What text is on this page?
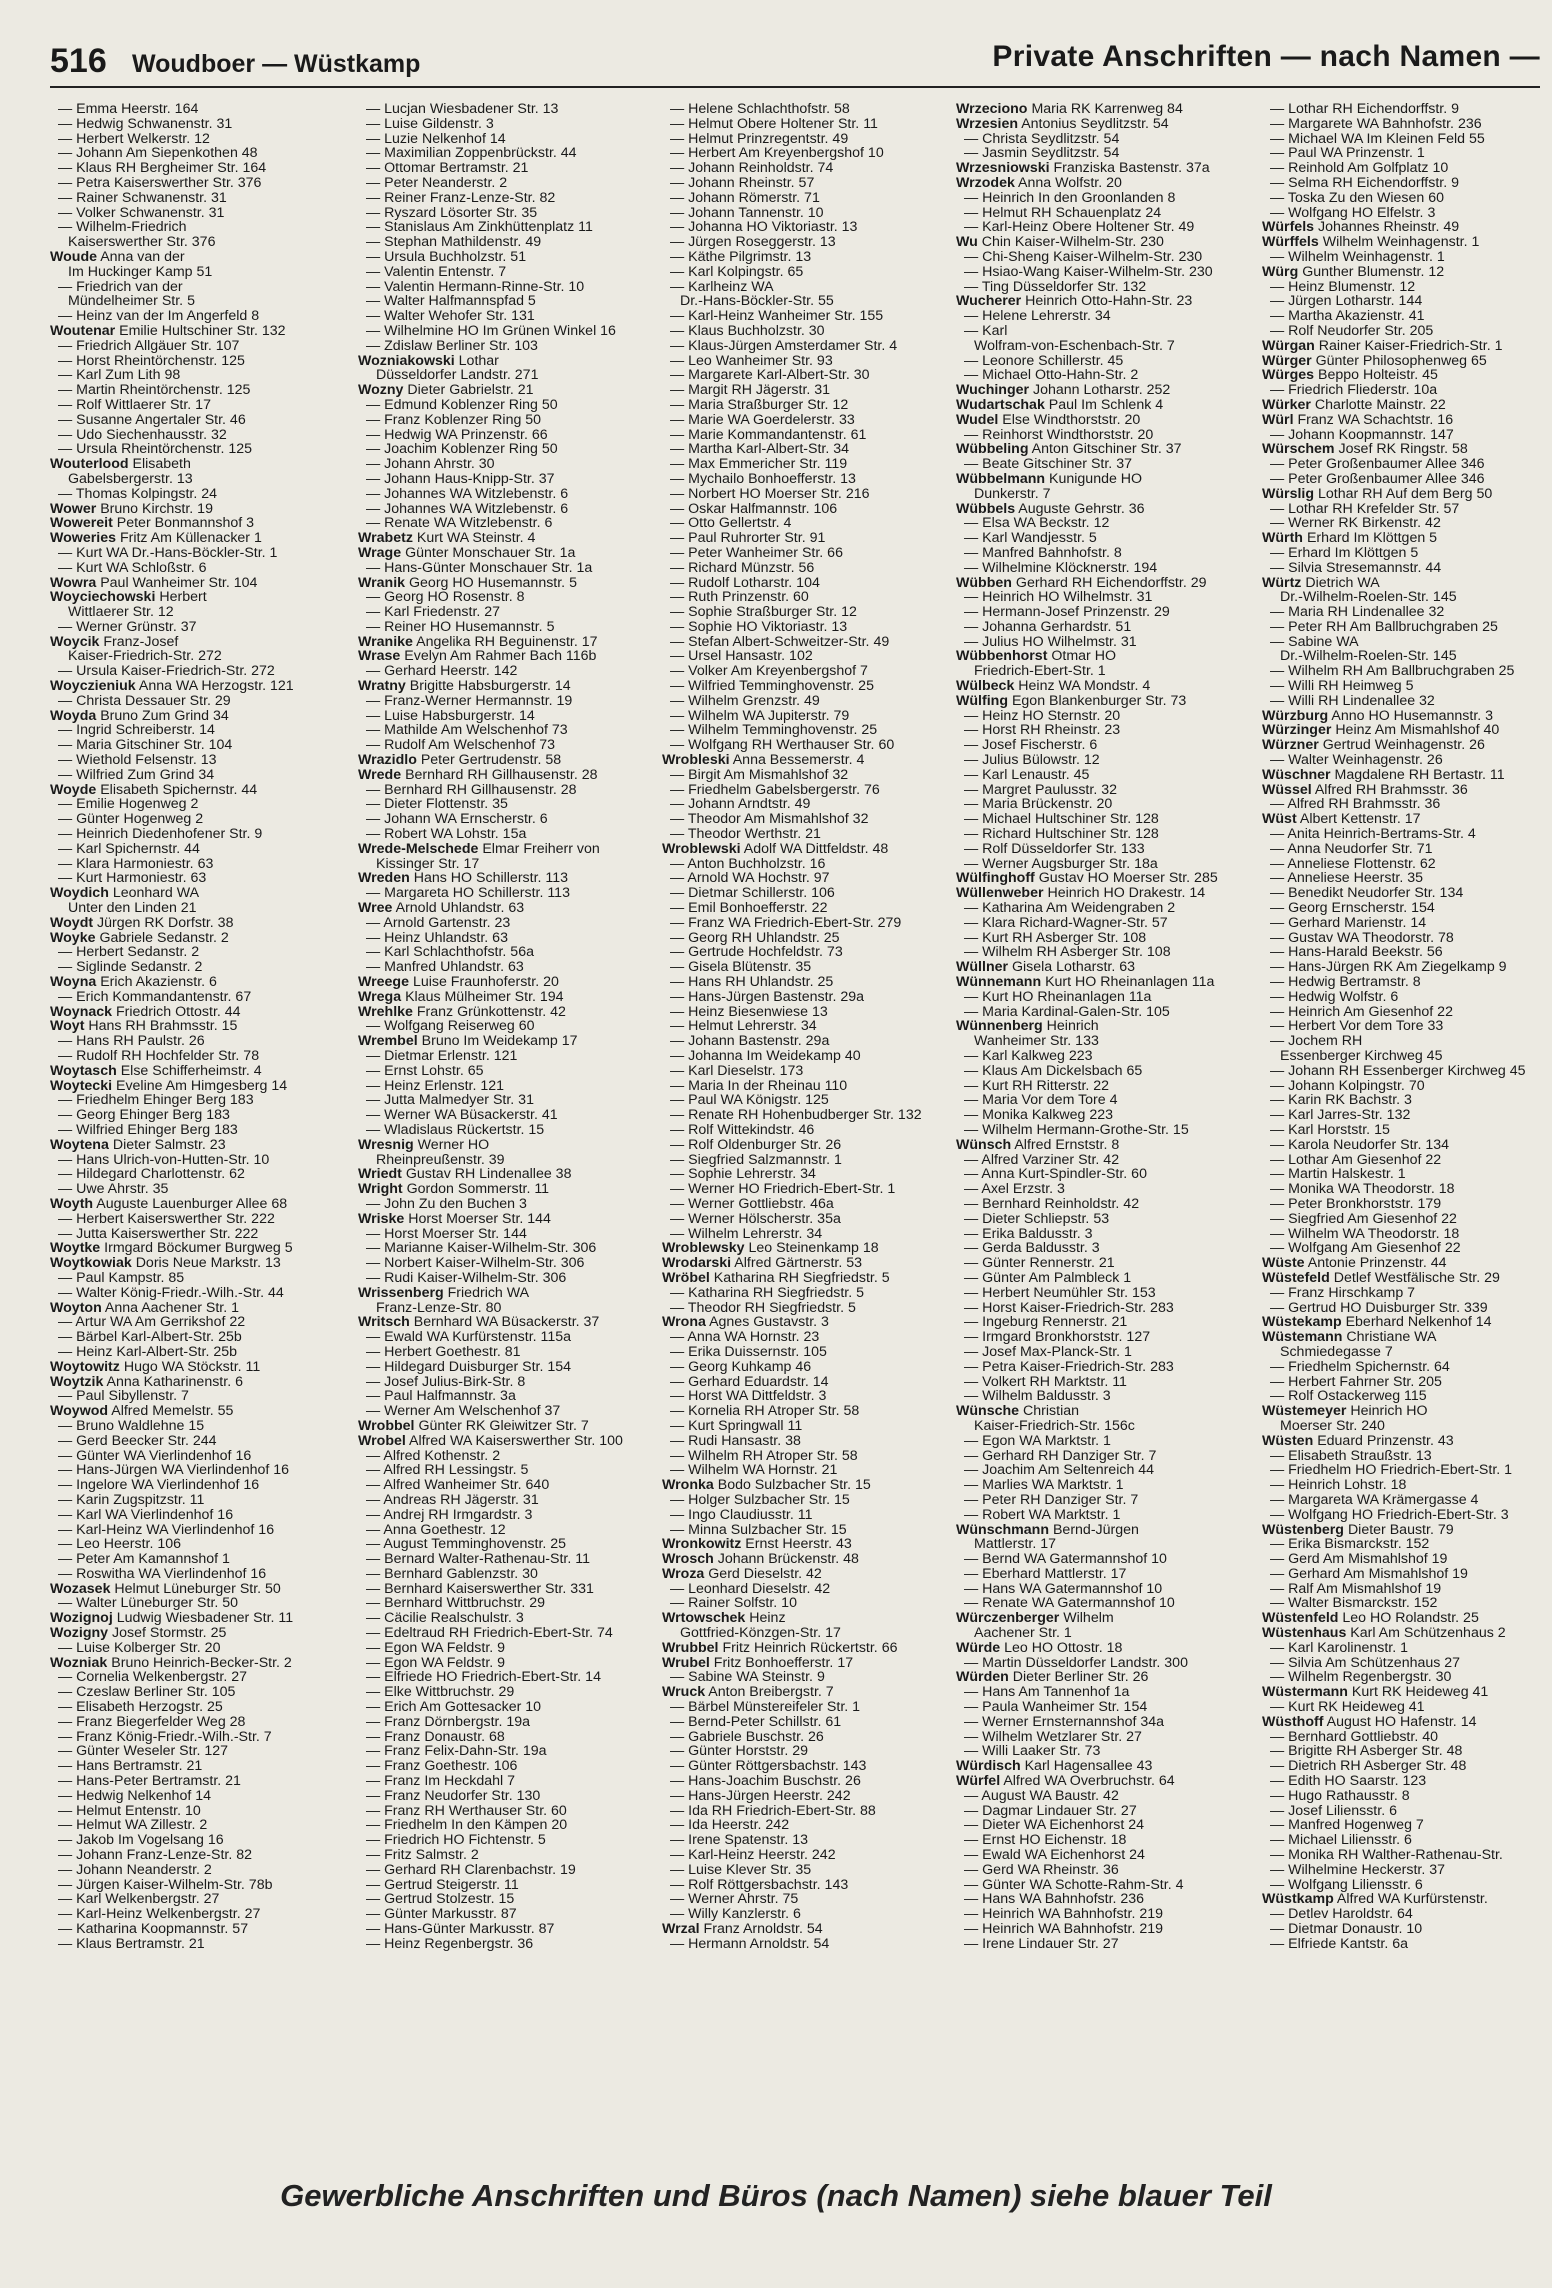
516 Woudboer — Wüstkamp	Private Anschriften — nach Namen —
— Emma Heerstr. 164
— Hedwig Schwanenstr. 31
— Herbert Welkerstr. 12
— Johann Am Siepenkothen 48
— Klaus RH Bergheimer Str. 164
— Petra Kaiserswerther Str. 376
— Rainer Schwanenstr. 31
— Volker Schwanenstr. 31
— Wilhelm-Friedrich
Kaiserswerther Str. 376
Woude Anna van der
Im Huckinger Kamp 51
— Friedrich van der
Mündelheimer Str. 5
— Heinz van der Im Angerfeld 8
Woutenar Emilie Hultschiner Str. 132
— Friedrich Allgäuer Str. 107
— Horst Rheintörchenstr. 125
— Karl Zum Lith 98
— Martin Rheintörchenstr. 125
— Rolf Wittlaerer Str. 17
— Susanne Angertaler Str. 46
— Udo Siechenhausstr. 32
— Ursula Rheintörchenstr. 125
Wouterlood Elisabeth
Gabelsbergerstr. 13
— Thomas Kolpingstr. 24
Wower Bruno Kirchstr. 19
Wowereit Peter Bonmannshof 3
Woweries Fritz Am Küllenacker 1
— Kurt WA Dr.-Hans-Böckler-Str. 1
— Kurt WA Schloßstr. 6
Wowra Paul Wanheimer Str. 104
Woyciechowski Herbert
Wittlaerer Str. 12
— Werner Grünstr. 37
Woycik Franz-Josef
Kaiser-Friedrich-Str. 272
— Ursula Kaiser-Friedrich-Str. 272
Woyczieniuk Anna WA Herzogstr. 121
— Christa Dessauer Str. 29
Woyda Bruno Zum Grind 34
— Ingrid Schreiberstr. 14
— Maria Gitschiner Str. 104
— Wiethold Felsenstr. 13
— Wilfried Zum Grind 34
Woyde Elisabeth Spichernstr. 44
— Emilie Hogenweg 2
— Günter Hogenweg 2
— Heinrich Diedenhofener Str. 9
— Karl Spichernstr. 44
— Klara Harmoniestr. 63
— Kurt Harmoniestr. 63
Woydich Leonhard WA
Unter den Linden 21
Woydt Jürgen RK Dorfstr. 38
Woyke Gabriele Sedanstr. 2
— Herbert Sedanstr. 2
— Siglinde Sedanstr. 2
Woyna Erich Akazienstr. 6
— Erich Kommandantenstr. 67
Woynack Friedrich Ottostr. 44
Woyt Hans RH Brahmsstr. 15
— Hans RH Paulstr. 26
— Rudolf RH Hochfelder Str. 78
Woytasch Else Schifferheimstr. 4
Woytecki Eveline Am Himgesberg 14
— Friedhelm Ehinger Berg 183
— Georg Ehinger Berg 183
— Wilfried Ehinger Berg 183
Woytena Dieter Salmstr. 23
— Hans Ulrich-von-Hutten-Str. 10
— Hildegard Charlottenstr. 62
— Uwe Ahrstr. 35
Woyth Auguste Lauenburger Allee 68
— Herbert Kaiserswerther Str. 222
— Jutta Kaiserswerther Str. 222
Woytke Irmgard Böckumer Burgweg 5
Woytkowiak Doris Neue Markstr. 13
— Paul Kampstr. 85
— Walter König-Friedr.-Wilh.-Str. 44
Woyton Anna Aachener Str. 1
— Artur WA Am Gerrikshof 22
— Bärbel Karl-Albert-Str. 25b
— Heinz Karl-Albert-Str. 25b
Woytowitz Hugo WA Stöckstr. 11
Woytzik Anna Katharinenstr. 6
— Paul Sibyllenstr. 7
Woywod Alfred Memelstr. 55
— Bruno Waldlehne 15
— Gerd Beecker Str. 244
— Günter WA Vierlindenhof 16
— Hans-Jürgen WA Vierlindenhof 16
— Ingelore WA Vierlindenhof 16
— Karin Zugspitzstr. 11
— Karl WA Vierlindenhof 16
— Karl-Heinz WA Vierlindenhof 16
— Leo Heerstr. 106
— Peter Am Kamannshof 1
— Roswitha WA Vierlindenhof 16
Wozasek Helmut Lüneburger Str. 50
— Walter Lüneburger Str. 50
Wozignoj Ludwig Wiesbadener Str. 11
Wozigny Josef Stormstr. 25
— Luise Kolberger Str. 20
Wozniak Bruno Heinrich-Becker-Str. 2
— Cornelia Welkenbergstr. 27
— Czeslaw Berliner Str. 105
— Elisabeth Herzogstr. 25
— Franz Biegerfelder Weg 28
— Franz König-Friedr.-Wilh.-Str. 7
— Günter Weseler Str. 127
— Hans Bertramstr. 21
— Hans-Peter Bertramstr. 21
— Hedwig Nelkenhof 14
— Helmut Entenstr. 10
— Helmut WA Zillestr. 2
— Jakob Im Vogelsang 16
— Johann Franz-Lenze-Str. 82
— Johann Neanderstr. 2
— Jürgen Kaiser-Wilhelm-Str. 78b
— Karl Welkenbergstr. 27
— Karl-Heinz Welkenbergstr. 27
— Katharina Koopmannstr. 57
— Klaus Bertramstr. 21
— Lucjan Wiesbadener Str. 13
— Luise Gildenstr. 3
— Luzie Nelkenhof 14
— Maximilian Zoppenbrückstr. 44
— Ottomar Bertramstr. 21
— Peter Neanderstr. 2
— Reiner Franz-Lenze-Str. 82
— Ryszard Lösorter Str. 35
— Stanislaus Am Zinkhüttenplatz 11
— Stephan Mathildenstr. 49
— Ursula Buchholzstr. 51
— Valentin Entenstr. 7
— Valentin Hermann-Rinne-Str. 10
— Walter Halfmannspfad 5
— Walter Wehofer Str. 131
— Wilhelmine HO Im Grünen Winkel 16
— Zdislaw Berliner Str. 103
Wozniakowski Lothar
Düsseldorfer Landstr. 271
Wozny Dieter Gabrielstr. 21
— Edmund Koblenzer Ring 50
— Franz Koblenzer Ring 50
— Hedwig WA Prinzenstr. 66
— Joachim Koblenzer Ring 50
— Johann Ahrstr. 30
— Johann Haus-Knipp-Str. 37
— Johannes WA Witzlebenstr. 6
— Johannes WA Witzlebenstr. 6
— Renate WA Witzlebenstr. 6
Wrabetz Kurt WA Steinstr. 4
Wrage Günter Monschauer Str. 1a
— Hans-Günter Monschauer Str. 1a
Wranik Georg HO Husemannstr. 5
— Georg HO Rosenstr. 8
— Karl Friedenstr. 27
— Reiner HO Husemannstr. 5
Wranike Angelika RH Beguinenstr. 17
Wrase Evelyn Am Rahmer Bach 116b
— Gerhard Heerstr. 142
Wratny Brigitte Habsburgerstr. 14
— Franz-Werner Hermannstr. 19
— Luise Habsburgerstr. 14
— Mathilde Am Welschenhof 73
— Rudolf Am Welschenhof 73
Wrazidlo Peter Gertrudenstr. 58
Wrede Bernhard RH Gillhausenstr. 28
— Bernhard RH Gillhausenstr. 28
— Dieter Flottenstr. 35
— Johann WA Ernscherstr. 6
— Robert WA Lohstr. 15a
Wrede-Melschede Elmar Freiherr von
Kissinger Str. 17
Wreden Hans HO Schillerstr. 113
— Margareta HO Schillerstr. 113
Wree Arnold Uhlandstr. 63
— Arnold Gartenstr. 23
— Heinz Uhlandstr. 63
— Karl Schlachthofstr. 56a
— Manfred Uhlandstr. 63
Wreege Luise Fraunhoferstr. 20
Wrega Klaus Mülheimer Str. 194
Wrehlke Franz Grünkottenstr. 42
— Wolfgang Reiserweg 60
Wrembel Bruno Im Weidekamp 17
— Dietmar Erlenstr. 121
— Ernst Lohstr. 65
— Heinz Erlenstr. 121
— Jutta Malmedyer Str. 31
— Werner WA Büsackerstr. 41
— Wladislaus Rückertstr. 15
Wresnig Werner HO
Rheinpreußenstr. 39
Wriedt Gustav RH Lindenallee 38
Wright Gordon Sommerstr. 11
— John Zu den Buchen 3
Wriske Horst Moerser Str. 144
— Horst Moerser Str. 144
— Marianne Kaiser-Wilhelm-Str. 306
— Norbert Kaiser-Wilhelm-Str. 306
— Rudi Kaiser-Wilhelm-Str. 306
Wrissenberg Friedrich WA
Franz-Lenze-Str. 80
Writsch Bernhard WA Büsackerstr. 37
— Ewald WA Kurfürstenstr. 115a
— Herbert Goethestr. 81
— Hildegard Duisburger Str. 154
— Josef Julius-Birk-Str. 8
— Paul Halfmannstr. 3a
— Werner Am Welschenhof 37
Wrobbel Günter RK Gleiwitzer Str. 7
Wrobel Alfred WA Kaiserswerther Str. 100
— Alfred Kothenstr. 2
— Alfred RH Lessingstr. 5
— Alfred Wanheimer Str. 640
— Andreas RH Jägerstr. 31
— Andrej RH Irmgardstr. 3
— Anna Goethestr. 12
— August Temminghovenstr. 25
— Bernard Walter-Rathenau-Str. 11
— Bernhard Gablenzstr. 30
— Bernhard Kaiserswerther Str. 331
— Bernhard Wittbruchstr. 29
— Cäcilie Realschulstr. 3
— Edeltraud RH Friedrich-Ebert-Str. 74
— Egon WA Feldstr. 9
— Egon WA Feldstr. 9
— Elfriede HO Friedrich-Ebert-Str. 14
— Elke Wittbruchstr. 29
— Erich Am Gottesacker 10
— Franz Dörnbergstr. 19a
— Franz Donaustr. 68
— Franz Felix-Dahn-Str. 19a
— Franz Goethestr. 106
— Franz Im Heckdahl 7
— Franz Neudorfer Str. 130
— Franz RH Werthauser Str. 60
— Friedhelm In den Kämpen 20
— Friedrich HO Fichtenstr. 5
— Fritz Salmstr. 2
— Gerhard RH Clarenbachstr. 19
— Gertrud Steigerstr. 11
— Gertrud Stolzestr. 15
— Günter Markusstr. 87
— Hans-Günter Markusstr. 87
— Heinz Regenbergstr. 36
— Helene Schlachthofstr. 58
— Helmut Obere Holtener Str. 11
— Helmut Prinzregentstr. 49
— Herbert Am Kreyenbergshof 10
— Johann Reinholdstr. 74
— Johann Rheinstr. 57
— Johann Römerstr. 71
— Johann Tannenstr. 10
— Johanna HO Viktoriastr. 13
— Jürgen Roseggerstr. 13
— Käthe Pilgrimstr. 13
— Karl Kolpingstr. 65
— Karlheinz WA
Dr.-Hans-Böckler-Str. 55
— Karl-Heinz Wanheimer Str. 155
— Klaus Buchholzstr. 30
— Klaus-Jürgen Amsterdamer Str. 4
— Leo Wanheimer Str. 93
— Margarete Karl-Albert-Str. 30
— Margit RH Jägerstr. 31
— Maria Straßburger Str. 12
— Marie WA Goerdelerstr. 33
— Marie Kommandantenstr. 61
— Martha Karl-Albert-Str. 34
— Max Emmericher Str. 119
— Mychailo Bonhoefferstr. 13
— Norbert HO Moerser Str. 216
— Oskar Halfmannstr. 106
— Otto Gellertstr. 4
— Paul Ruhrorter Str. 91
— Peter Wanheimer Str. 66
— Richard Münzstr. 56
— Rudolf Lotharstr. 104
— Ruth Prinzenstr. 60
— Sophie Straßburger Str. 12
— Sophie HO Viktoriastr. 13
— Stefan Albert-Schweitzer-Str. 49
— Ursel Hansastr. 102
— Volker Am Kreyenbergshof 7
— Wilfried Temminghovenstr. 25
— Wilhelm Grenzstr. 49
— Wilhelm WA Jupiterstr. 79
— Wilhelm Temminghovenstr. 25
— Wolfgang RH Werthauser Str. 60
Wrobleski Anna Bessemerstr. 4
— Birgit Am Mismahlshof 32
— Friedhelm Gabelsbergerstr. 76
— Johann Arndtstr. 49
— Theodor Am Mismahlshof 32
— Theodor Werthstr. 21
Wroblewski Adolf WA Dittfeldstr. 48
— Anton Buchholzstr. 16
— Arnold WA Hochstr. 97
— Dietmar Schillerstr. 106
— Emil Bonhoefferstr. 22
— Franz WA Friedrich-Ebert-Str. 279
— Georg RH Uhlandstr. 25
— Gertrude Hochfeldstr. 73
— Gisela Blütenstr. 35
— Hans RH Uhlandstr. 25
— Hans-Jürgen Bastenstr. 29a
— Heinz Biesenwiese 13
— Helmut Lehrerstr. 34
— Johann Bastenstr. 29a
— Johanna Im Weidekamp 40
— Karl Dieselstr. 173
— Maria In der Rheinau 110
— Paul WA Königstr. 125
— Renate RH Hohenbudberger Str. 132
— Rolf Wittekindstr. 46
— Rolf Oldenburger Str. 26
— Siegfried Salzmannstr. 1
— Sophie Lehrerstr. 34
— Werner HO Friedrich-Ebert-Str. 1
— Werner Gottliebstr. 46a
— Werner Hölscherstr. 35a
— Wilhelm Lehrerstr. 34
Wroblewsky Leo Steinenkamp 18
Wrodarski Alfred Gärtnerstr. 53
Wröbel Katharina RH Siegfriedstr. 5
— Katharina RH Siegfriedstr. 5
— Theodor RH Siegfriedstr. 5
Wrona Agnes Gustavstr. 3
— Anna WA Hornstr. 23
— Erika Duissernstr. 105
— Georg Kuhkamp 46
— Gerhard Eduardstr. 14
— Horst WA Dittfeldstr. 3
— Kornelia RH Atroper Str. 58
— Kurt Springwall 11
— Rudi Hansastr. 38
— Wilhelm RH Atroper Str. 58
— Wilhelm WA Hornstr. 21
Wronka Bodo Sulzbacher Str. 15
— Holger Sulzbacher Str. 15
— Ingo Claudiusstr. 11
— Minna Sulzbacher Str. 15
Wronkowitz Ernst Heerstr. 43
Wrosch Johann Brückenstr. 48
Wroza Gerd Dieselstr. 42
— Leonhard Dieselstr. 42
— Rainer Solfstr. 10
Wrtowschek Heinz
Gottfried-Könzgen-Str. 17
Wrubbel Fritz Heinrich Rückertstr. 66
Wrubel Fritz Bonhoefferstr. 17
— Sabine WA Steinstr. 9
Wruck Anton Breibergstr. 7
— Bärbel Münstereifeler Str. 1
— Bernd-Peter Schillstr. 61
— Gabriele Buschstr. 26
— Günter Horststr. 29
— Günter Röttgersbachstr. 143
— Hans-Joachim Buschstr. 26
— Hans-Jürgen Heerstr. 242
— Ida RH Friedrich-Ebert-Str. 88
— Ida Heerstr. 242
— Irene Spatenstr. 13
— Karl-Heinz Heerstr. 242
— Luise Klever Str. 35
— Rolf Röttgersbachstr. 143
— Werner Ahrstr. 75
— Willy Kanzlerstr. 6
Wrzal Franz Arnoldstr. 54
— Hermann Arnoldstr. 54
Wrzeciono Maria RK Karrenweg 84
Wrzesien Antonius Seydlitzstr. 54
— Christa Seydlitzstr. 54
— Jasmin Seydlitzstr. 54
Wrzesniowski Franziska Bastenstr. 37a
Wrzodek Anna Wolfstr. 20
— Heinrich In den Groonlanden 8
— Helmut RH Schauenplatz 24
— Karl-Heinz Obere Holtener Str. 49
Wu Chin Kaiser-Wilhelm-Str. 230
— Chi-Sheng Kaiser-Wilhelm-Str. 230
— Hsiao-Wang Kaiser-Wilhelm-Str. 230
— Ting Düsseldorfer Str. 132
Wucherer Heinrich Otto-Hahn-Str. 23
— Helene Lehrerstr. 34
— Karl
Wolfram-von-Eschenbach-Str. 7
— Leonore Schillerstr. 45
— Michael Otto-Hahn-Str. 2
Wuchinger Johann Lotharstr. 252
Wudartschak Paul Im Schlenk 4
Wudel Else Windthorststr. 20
— Reinhorst Windthorststr. 20
Wübbeling Anton Gitschiner Str. 37
— Beate Gitschiner Str. 37
Wübbelmann Kunigunde HO
Dunkerstr. 7
Wübbels Auguste Gehrstr. 36
— Elsa WA Beckstr. 12
— Karl Wandjesstr. 5
— Manfred Bahnhofstr. 8
— Wilhelmine Klöcknerstr. 194
Wübben Gerhard RH Eichendorffstr. 29
— Heinrich HO Wilhelmstr. 31
— Hermann-Josef Prinzenstr. 29
— Johanna Gerhardstr. 51
— Julius HO Wilhelmstr. 31
Wübbenhorst Otmar HO
Friedrich-Ebert-Str. 1
Wülbeck Heinz WA Mondstr. 4
Wülfing Egon Blankenburger Str. 73
— Heinz HO Sternstr. 20
— Horst RH Rheinstr. 23
— Josef Fischerstr. 6
— Julius Bülowstr. 12
— Karl Lenaustr. 45
— Margret Paulusstr. 32
— Maria Brückenstr. 20
— Michael Hultschiner Str. 128
— Richard Hultschiner Str. 128
— Rolf Düsseldorfer Str. 133
— Werner Augsburger Str. 18a
Wülfinghoff Gustav HO Moerser Str. 285
Wüllenweber Heinrich HO Drakestr. 14
— Katharina Am Weidengraben 2
— Klara Richard-Wagner-Str. 57
— Kurt RH Asberger Str. 108
— Wilhelm RH Asberger Str. 108
Wüllner Gisela Lotharstr. 63
Wünnemann Kurt HO Rheinanlagen 11a
— Kurt HO Rheinanlagen 11a
— Maria Kardinal-Galen-Str. 105
Wünnenberg Heinrich
Wanheimer Str. 133
— Karl Kalkweg 223
— Klaus Am Dickelsbach 65
— Kurt RH Ritterstr. 22
— Maria Vor dem Tore 4
— Monika Kalkweg 223
— Wilhelm Hermann-Grothe-Str. 15
Wünsch Alfred Ernststr. 8
— Alfred Varziner Str. 42
— Anna Kurt-Spindler-Str. 60
— Axel Erzstr. 3
— Bernhard Reinholdstr. 42
— Dieter Schliepstr. 53
— Erika Baldusstr. 3
— Gerda Baldusstr. 3
— Günter Rennerstr. 21
— Günter Am Palmbleck 1
— Herbert Neumühler Str. 153
— Horst Kaiser-Friedrich-Str. 283
— Ingeburg Rennerstr. 21
— Irmgard Bronkhorststr. 127
— Josef Max-Planck-Str. 1
— Petra Kaiser-Friedrich-Str. 283
— Volkert RH Marktstr. 11
— Wilhelm Baldusstr. 3
Wünsche Christian
Kaiser-Friedrich-Str. 156c
— Egon WA Marktstr. 1
— Gerhard RH Danziger Str. 7
— Joachim Am Seltenreich 44
— Marlies WA Marktstr. 1
— Peter RH Danziger Str. 7
— Robert WA Marktstr. 1
Wünschmann Bernd-Jürgen
Mattlerstr. 17
— Bernd WA Gatermannshof 10
— Eberhard Mattlerstr. 17
— Hans WA Gatermannshof 10
— Renate WA Gatermannshof 10
Würczenberger Wilhelm
Aachener Str. 1
Würde Leo HO Ottostr. 18
— Martin Düsseldorfer Landstr. 300
Würden Dieter Berliner Str. 26
— Hans Am Tannenhof 1a
— Paula Wanheimer Str. 154
— Werner Ernsternannshof 34a
— Wilhelm Wetzlarer Str. 27
— Willi Laaker Str. 73
Würdisch Karl Hagensallee 43
Würfel Alfred WA Overbruchstr. 64
— August WA Baustr. 42
— Dagmar Lindauer Str. 27
— Dieter WA Eichenhorst 24
— Ernst HO Eichenstr. 18
— Ewald WA Eichenhorst 24
— Gerd WA Rheinstr. 36
— Günter WA Schotte-Rahm-Str. 4
— Hans WA Bahnhofstr. 236
— Heinrich WA Bahnhofstr. 219
— Heinrich WA Bahnhofstr. 219
— Irene Lindauer Str. 27
— Lothar RH Eichendorffstr. 9
— Margarete WA Bahnhofstr. 236
— Michael WA Im Kleinen Feld 55
— Paul WA Prinzenstr. 1
— Reinhold Am Golfplatz 10
— Selma RH Eichendorffstr. 9
— Toska Zu den Wiesen 60
— Wolfgang HO Elfelstr. 3
Würfels Johannes Rheinstr. 49
Würffels Wilhelm Weinhagenstr. 1
— Wilhelm Weinhagenstr. 1
Würg Gunther Blumenstr. 12
— Heinz Blumenstr. 12
— Jürgen Lotharstr. 144
— Martha Akazienstr. 41
— Rolf Neudorfer Str. 205
Würgan Rainer Kaiser-Friedrich-Str. 1
Würger Günter Philosophenweg 65
Würges Beppo Holteistr. 45
— Friedrich Fliederstr. 10a
Würker Charlotte Mainstr. 22
Würl Franz WA Schachtstr. 16
— Johann Koopmannstr. 147
Würschem Josef RK Ringstr. 58
— Peter Großenbaumer Allee 346
— Peter Großenbaumer Allee 346
Würslig Lothar RH Auf dem Berg 50
— Lothar RH Krefelder Str. 57
— Werner RK Birkenstr. 42
Würth Erhard Im Klöttgen 5
— Erhard Im Klöttgen 5
— Silvia Stresemannstr. 44
Würtz Dietrich WA
Dr.-Wilhelm-Roelen-Str. 145
— Maria RH Lindenallee 32
— Peter RH Am Ballbruchgraben 25
— Sabine WA
Dr.-Wilhelm-Roelen-Str. 145
— Wilhelm RH Am Ballbruchgraben 25
— Willi RH Heimweg 5
— Willi RH Lindenallee 32
Würzburg Anno HO Husemannstr. 3
Würzinger Heinz Am Mismahlshof 40
Würzner Gertrud Weinhagenstr. 26
— Walter Weinhagenstr. 26
Wüschner Magdalene RH Bertastr. 11
Wüssel Alfred RH Brahmsstr. 36
— Alfred RH Brahmsstr. 36
Wüst Albert Kettenstr. 17
— Anita Heinrich-Bertrams-Str. 4
— Anna Neudorfer Str. 71
— Anneliese Flottenstr. 62
— Anneliese Heerstr. 35
— Benedikt Neudorfer Str. 134
— Georg Ernscherstr. 154
— Gerhard Marienstr. 14
— Gustav WA Theodorstr. 78
— Hans-Harald Beekstr. 56
— Hans-Jürgen RK Am Ziegelkamp 9
— Hedwig Bertramstr. 8
— Hedwig Wolfstr. 6
— Heinrich Am Giesenhof 22
— Herbert Vor dem Tore 33
— Jochem RH
Essenberger Kirchweg 45
— Johann RH Essenberger Kirchweg 45
— Johann Kolpingstr. 70
— Karin RK Bachstr. 3
— Karl Jarres-Str. 132
— Karl Horststr. 15
— Karola Neudorfer Str. 134
— Lothar Am Giesenhof 22
— Martin Halskestr. 1
— Monika WA Theodorstr. 18
— Peter Bronkhorststr. 179
— Siegfried Am Giesenhof 22
— Wilhelm WA Theodorstr. 18
— Wolfgang Am Giesenhof 22
Wüste Antonie Prinzenstr. 44
Wüstefeld Detlef Westfälische Str. 29
— Franz Hirschkamp 7
— Gertrud HO Duisburger Str. 339
Wüstekamp Eberhard Nelkenhof 14
Wüstemann Christiane WA
Schmiedegasse 7
— Friedhelm Spichernstr. 64
— Herbert Fahrner Str. 205
— Rolf Ostackerweg 115
Wüstemeyer Heinrich HO
Moerser Str. 240
Wüsten Eduard Prinzenstr. 43
— Elisabeth Straußstr. 13
— Friedhelm HO Friedrich-Ebert-Str. 1
— Heinrich Lohstr. 18
— Margareta WA Krämergasse 4
— Wolfgang HO Friedrich-Ebert-Str. 3
Wüstenberg Dieter Baustr. 79
— Erika Bismarckstr. 152
— Gerd Am Mismahlshof 19
— Gerhard Am Mismahlshof 19
— Ralf Am Mismahlshof 19
— Walter Bismarckstr. 152
Wüstenfeld Leo HO Rolandstr. 25
Wüstenhaus Karl Am Schützenhaus 2
— Karl Karolinenstr. 1
— Silvia Am Schützenhaus 27
— Wilhelm Regenbergstr. 30
Wüstermann Kurt RK Heideweg 41
— Kurt RK Heideweg 41
Wüsthoff August HO Hafenstr. 14
— Bernhard Gottliebstr. 40
— Brigitte RH Asberger Str. 48
— Dietrich RH Asberger Str. 48
— Edith HO Saarstr. 123
— Hugo Rathausstr. 8
— Josef Liliensstr. 6
— Manfred Hogenweg 7
— Michael Liliensstr. 6
— Monika RH Walther-Rathenau-Str.
— Wilhelmine Heckerstr. 37
— Wolfgang Liliensstr. 6
Wüstkamp Alfred WA Kurfürstenstr.
— Detlev Haroldstr. 64
— Dietmar Donaustr. 10
— Elfriede Kantstr. 6a
Gewerbliche Anschriften und Büros (nach Namen) siehe blauer Teil
